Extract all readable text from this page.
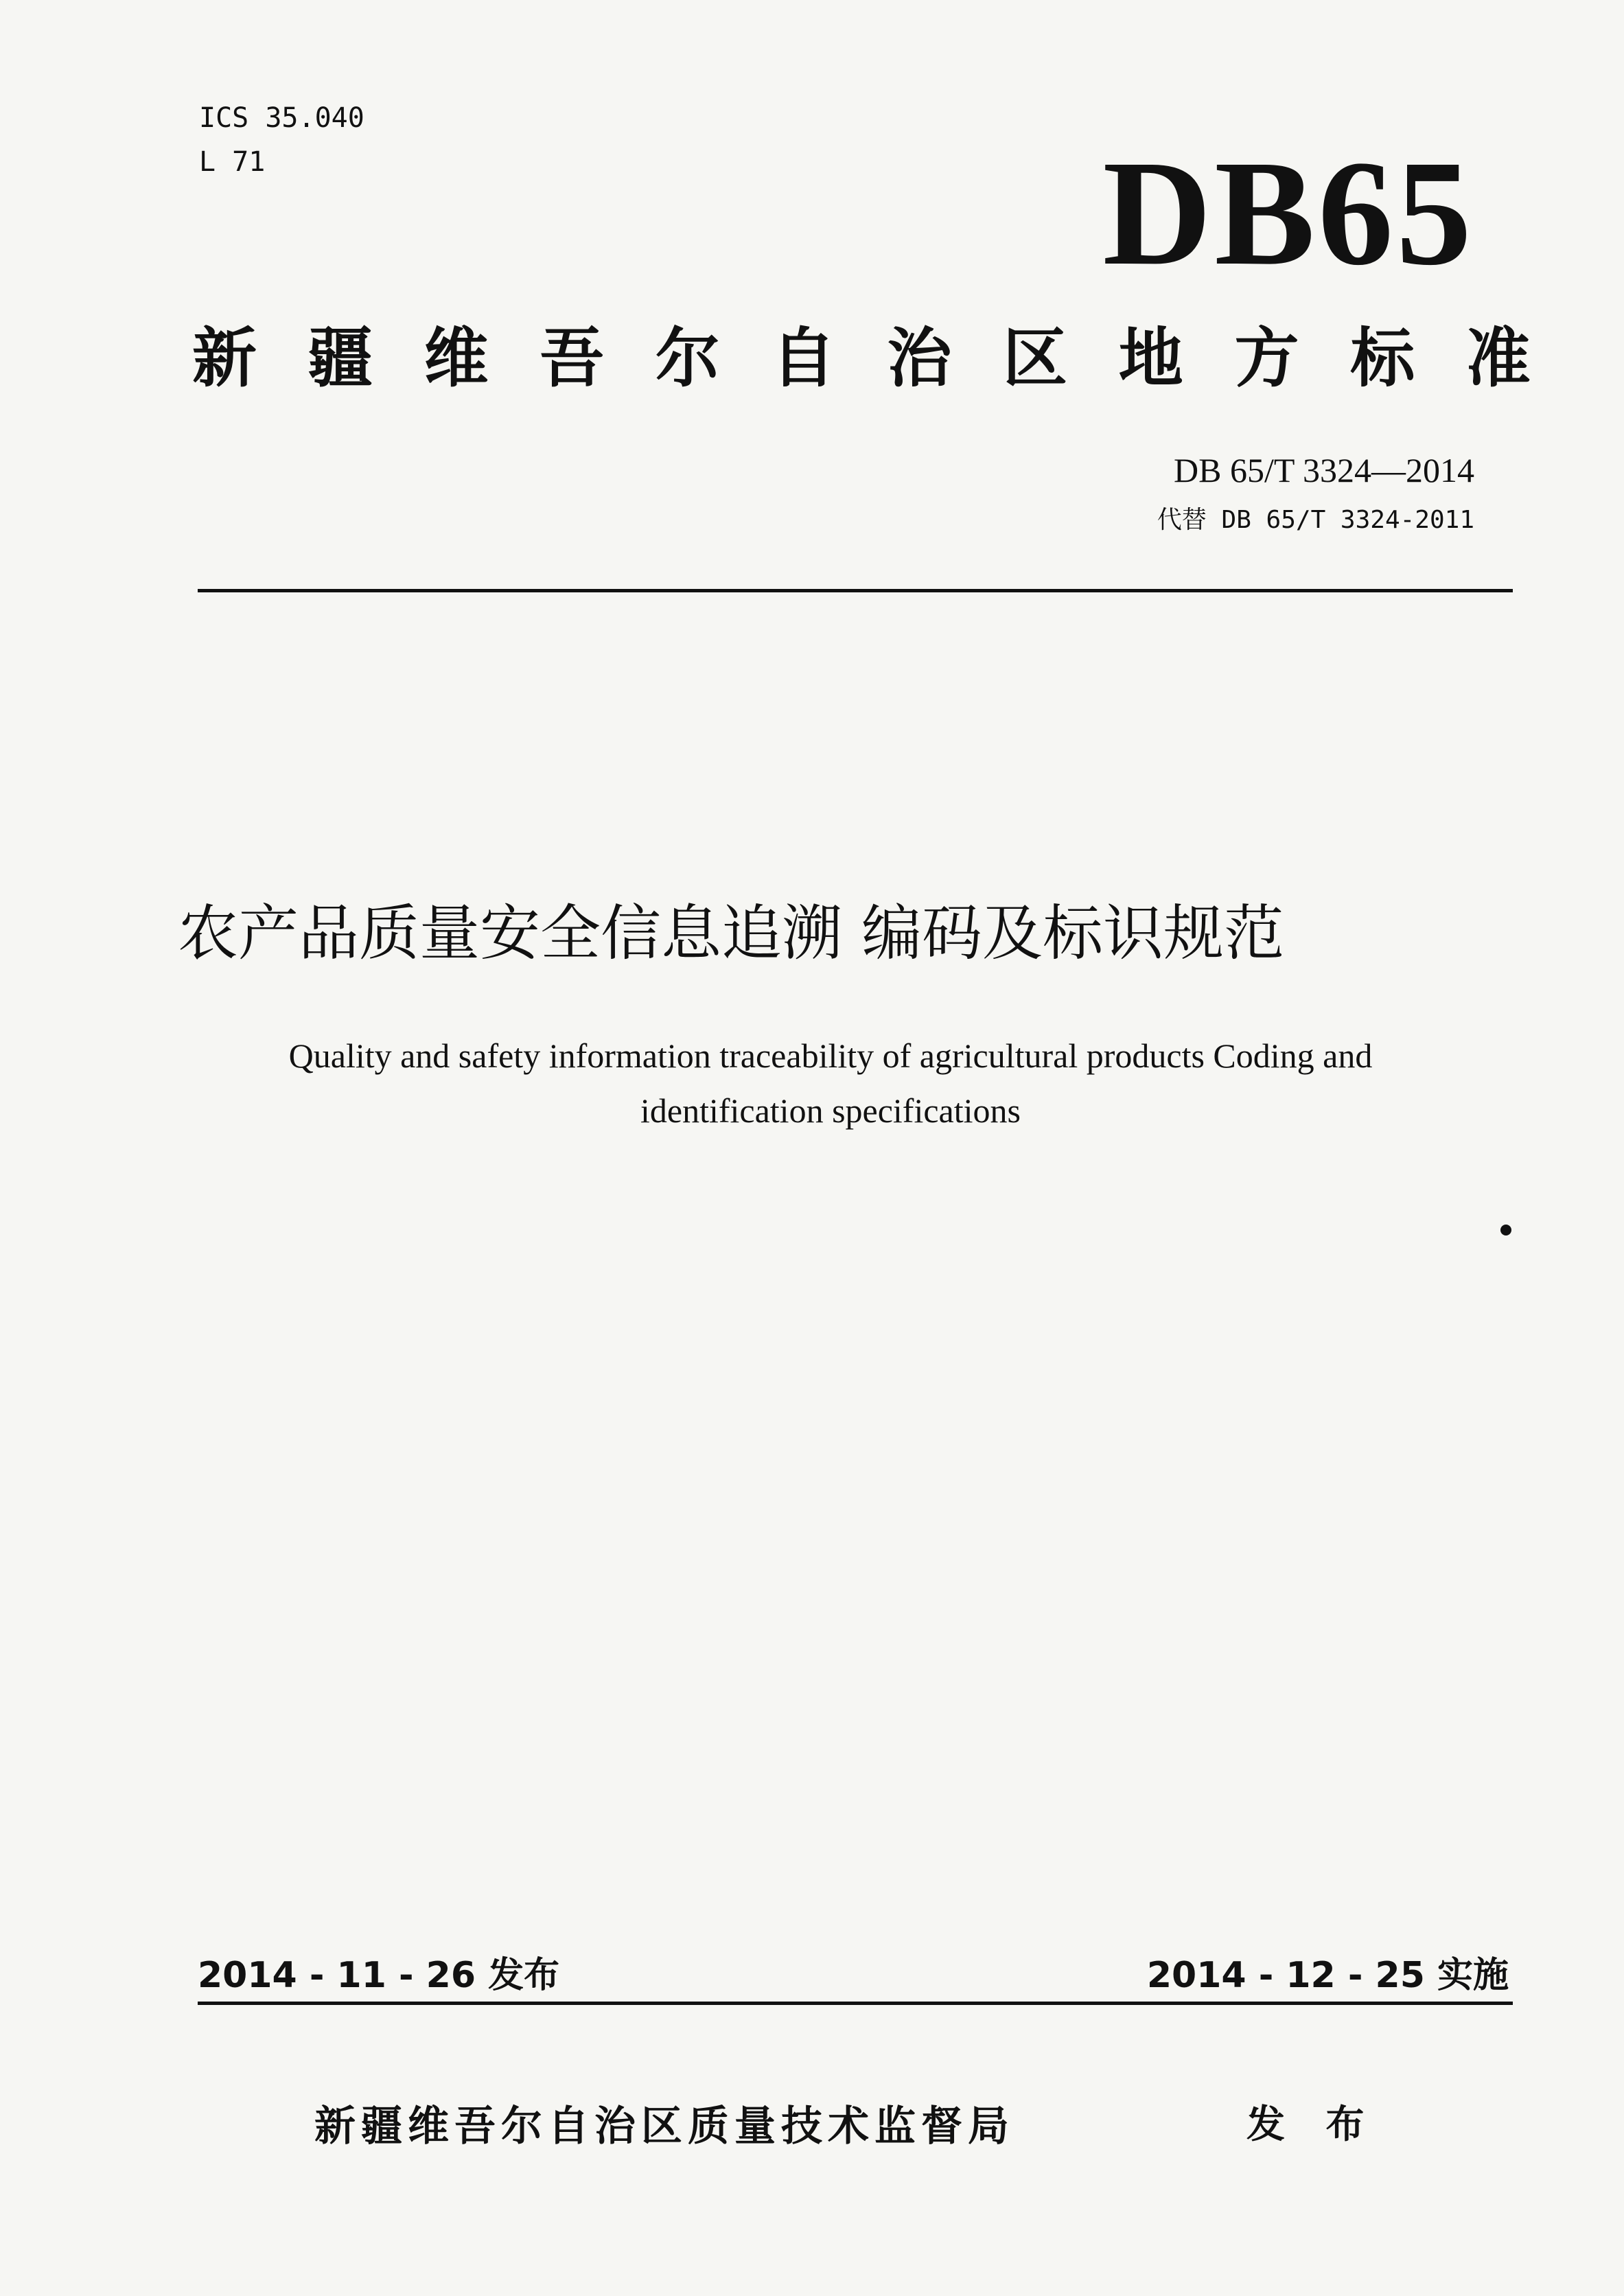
ICS 35.040
L 71	DB65
新 疆 维 吾 尔 自 治 区 地 方 标 准
DB 65/T 3324—2014
代替 DB 65/T 3324-2011
农产品质量安全信息追溯 编码及标识规范
Quality and safety information traceability of agricultural products Coding and
identification specifications
2014 - 11 - 26 发布	2014 - 12 - 25 实施
新疆维吾尔自治区质量技术监督局	发 布
